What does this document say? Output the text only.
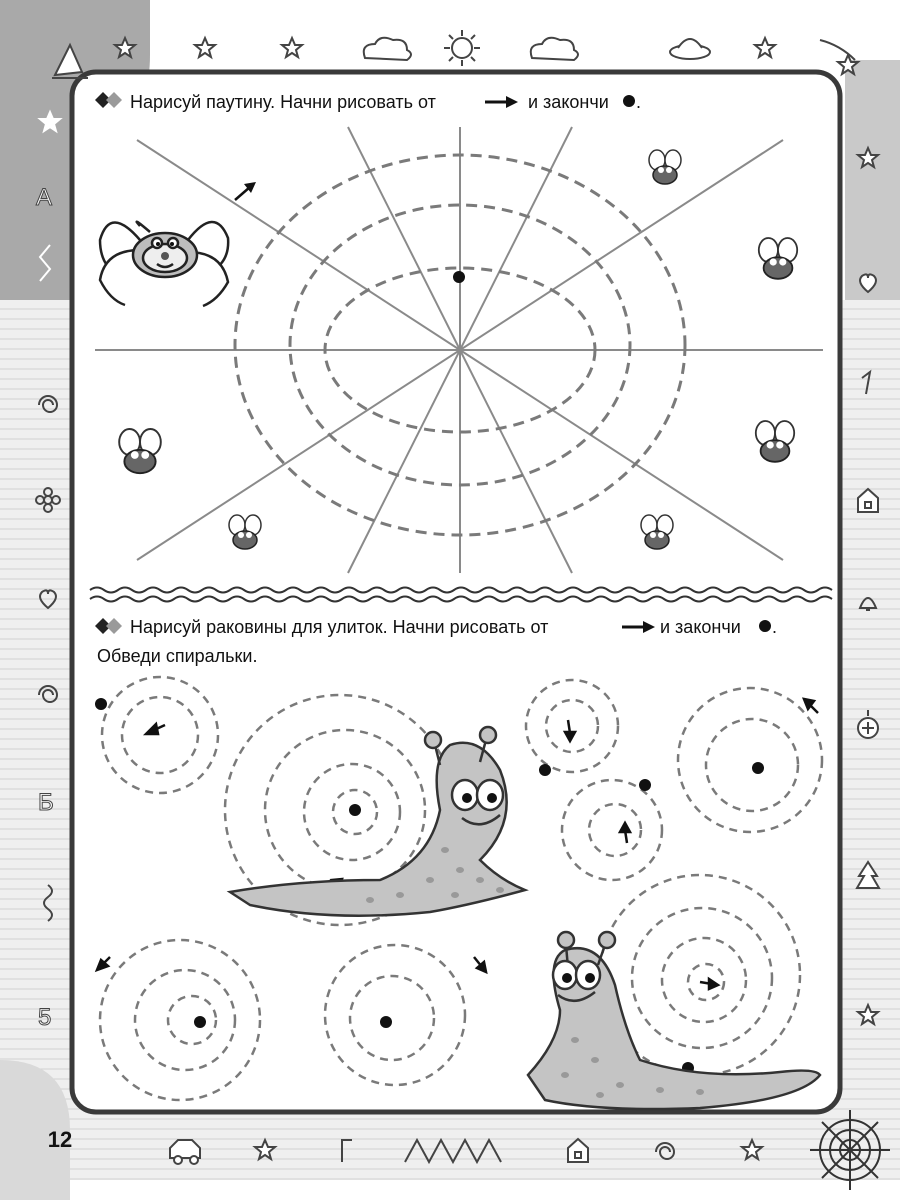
Нарисуй паутину. Начни рисовать от	и закончи .
Нарисуй раковины для улиток. Начни рисовать от	и закончи .
Обведи спиральки.
A
Б
5
12
